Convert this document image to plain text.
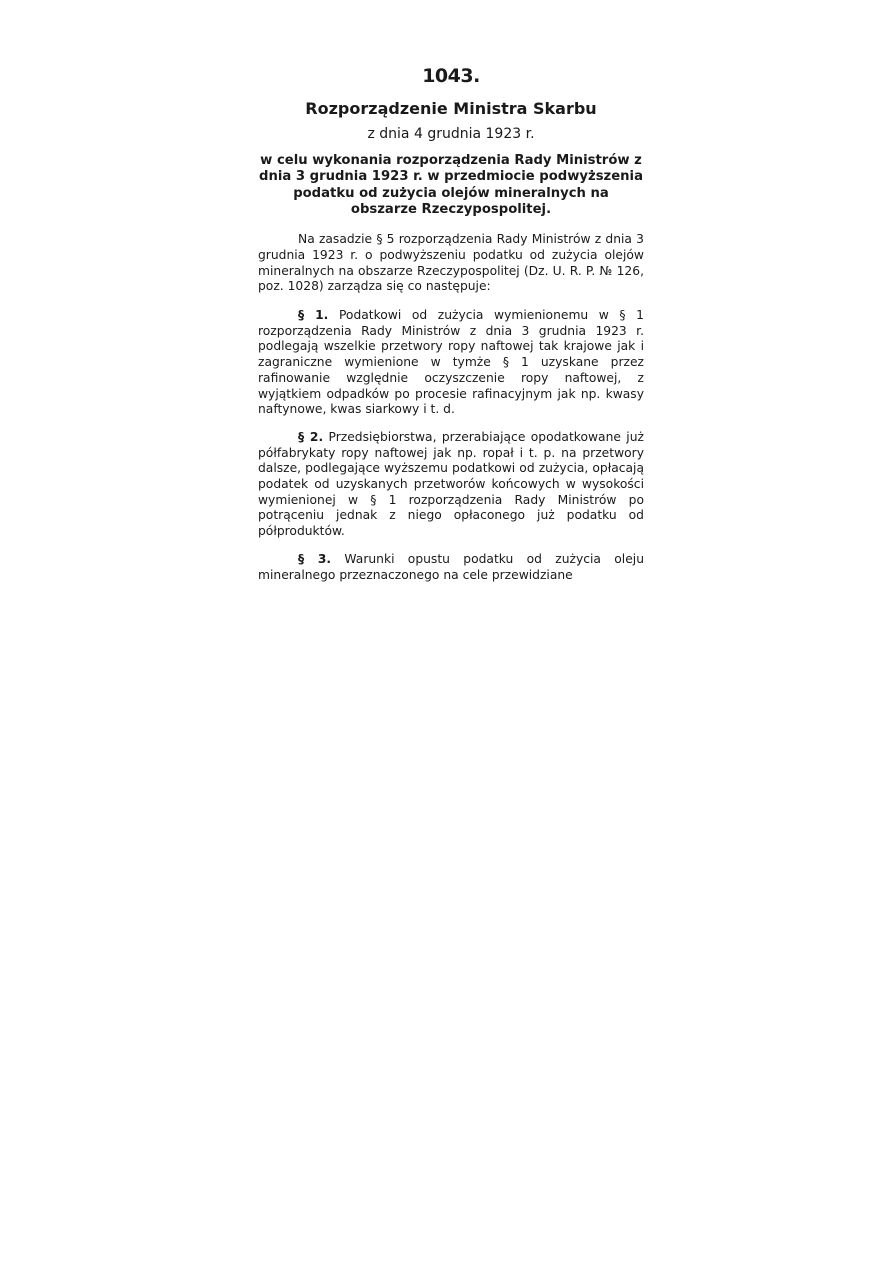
1043.
Rozporządzenie Ministra Skarbu
z dnia 4 grudnia 1923 r.
w celu wykonania rozporządzenia Rady Ministrów z dnia 3 grudnia 1923 r. w przedmiocie podwyższenia podatku od zużycia olejów mineralnych na obszarze Rzeczypospolitej.

Na zasadzie § 5 rozporządzenia Rady Ministrów z dnia 3 grudnia 1923 r. o podwyższeniu podatku od zużycia olejów mineralnych na obszarze Rzeczypospolitej (Dz. U. R. P. № 126, poz. 1028) zarządza się co następuje:

§ 1. Podatkowi od zużycia wymienionemu w § 1 rozporządzenia Rady Ministrów z dnia 3 grudnia 1923 r. podlegają wszelkie przetwory ropy naftowej tak krajowe jak i zagraniczne wymienione w tymże § 1 uzyskane przez rafinowanie względnie oczyszczenie ropy naftowej, z wyjątkiem odpadków po procesie rafinacyjnym jak np. kwasy naftynowe, kwas siarkowy i t. d.

§ 2. Przedsiębiorstwa, przerabiające opodatkowane już półfabrykaty ropy naftowej jak np. ropał i t. p. na przetwory dalsze, podlegające wyższemu podatkowi od zużycia, opłacają podatek od uzyskanych przetworów końcowych w wysokości wymienionej w § 1 rozporządzenia Rady Ministrów po potrąceniu jednak z niego opłaconego już podatku od półproduktów.

§ 3. Warunki opustu podatku od zużycia oleju mineralnego przeznaczonego na cele przewidziane
